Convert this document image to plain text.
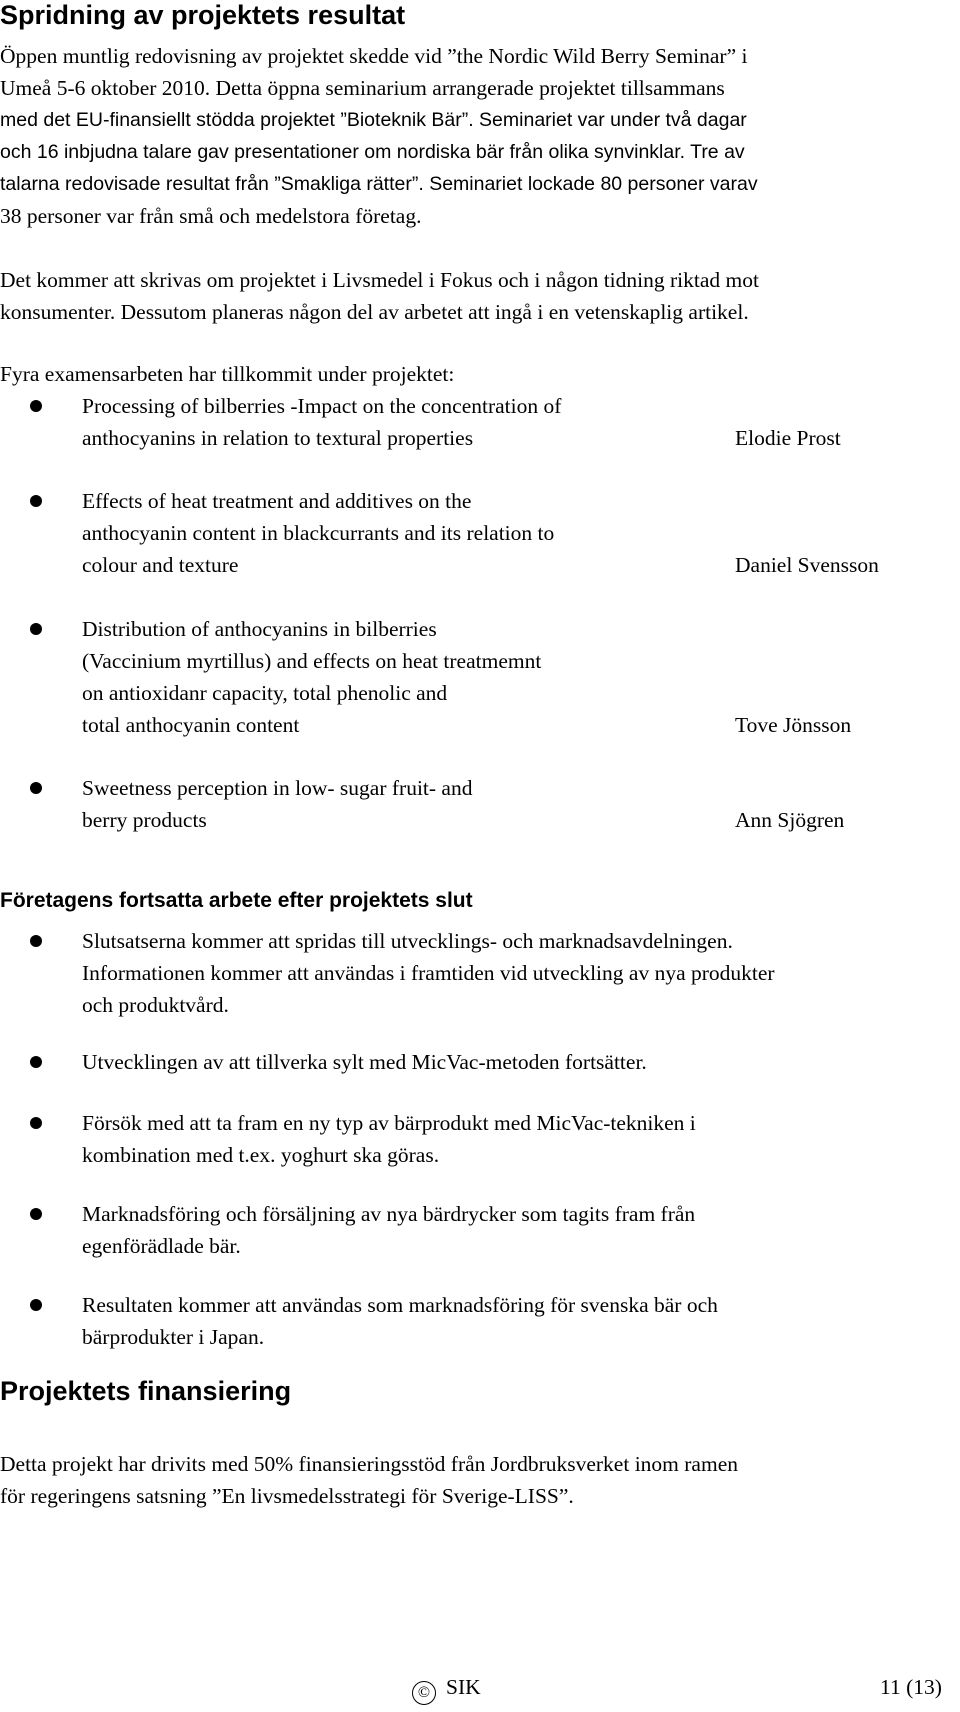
Spridning av projektets resultat

Öppen muntlig redovisning av projektet skedde vid ”the Nordic Wild Berry Seminar” i
Umeå 5-6 oktober 2010. Detta öppna seminarium arrangerade projektet tillsammans
med det EU-finansiellt stödda projektet ”Bioteknik Bär”. Seminariet var under två dagar
och 16 inbjudna talare gav presentationer om nordiska bär från olika synvinklar. Tre av
talarna redovisade resultat från ”Smakliga rätter”. Seminariet lockade 80 personer varav
38 personer var från små och medelstora företag.

Det kommer att skrivas om projektet i Livsmedel i Fokus och i någon tidning riktad mot
konsumenter. Dessutom planeras någon del av arbetet att ingå i en vetenskaplig artikel.

Fyra examensarbeten har tillkommit under projektet:

Processing of bilberries -Impact on the concentration of
anthocyanins in relation to textural properties	Elodie Prost
Effects of heat treatment and additives on the
anthocyanin content in blackcurrants and its relation to
colour and texture	Daniel Svensson
Distribution of anthocyanins in bilberries
(Vaccinium myrtillus) and effects on heat treatmemnt
on antioxidanr capacity, total phenolic and
total anthocyanin content	Tove Jönsson
Sweetness perception in low- sugar fruit- and
berry products	Ann Sjögren
Företagens fortsatta arbete efter projektets slut
Slutsatserna kommer att spridas till utvecklings- och marknadsavdelningen.
Informationen kommer att användas i framtiden vid utveckling av nya produkter
och produktvård.
Utvecklingen av att tillverka sylt med MicVac-metoden fortsätter.
Försök med att ta fram en ny typ av bärprodukt med MicVac-tekniken i
kombination med t.ex. yoghurt ska göras.
Marknadsföring och försäljning av nya bärdrycker som tagits fram från
egenförädlade bär.
Resultaten kommer att användas som marknadsföring för svenska bär och
bärprodukter i Japan.
Projektets finansiering

Detta projekt har drivits med 50% finansieringsstöd från Jordbruksverket inom ramen
för regeringens satsning ”En livsmedelsstrategi för Sverige-LISS”.

© SIK	11 (13)
